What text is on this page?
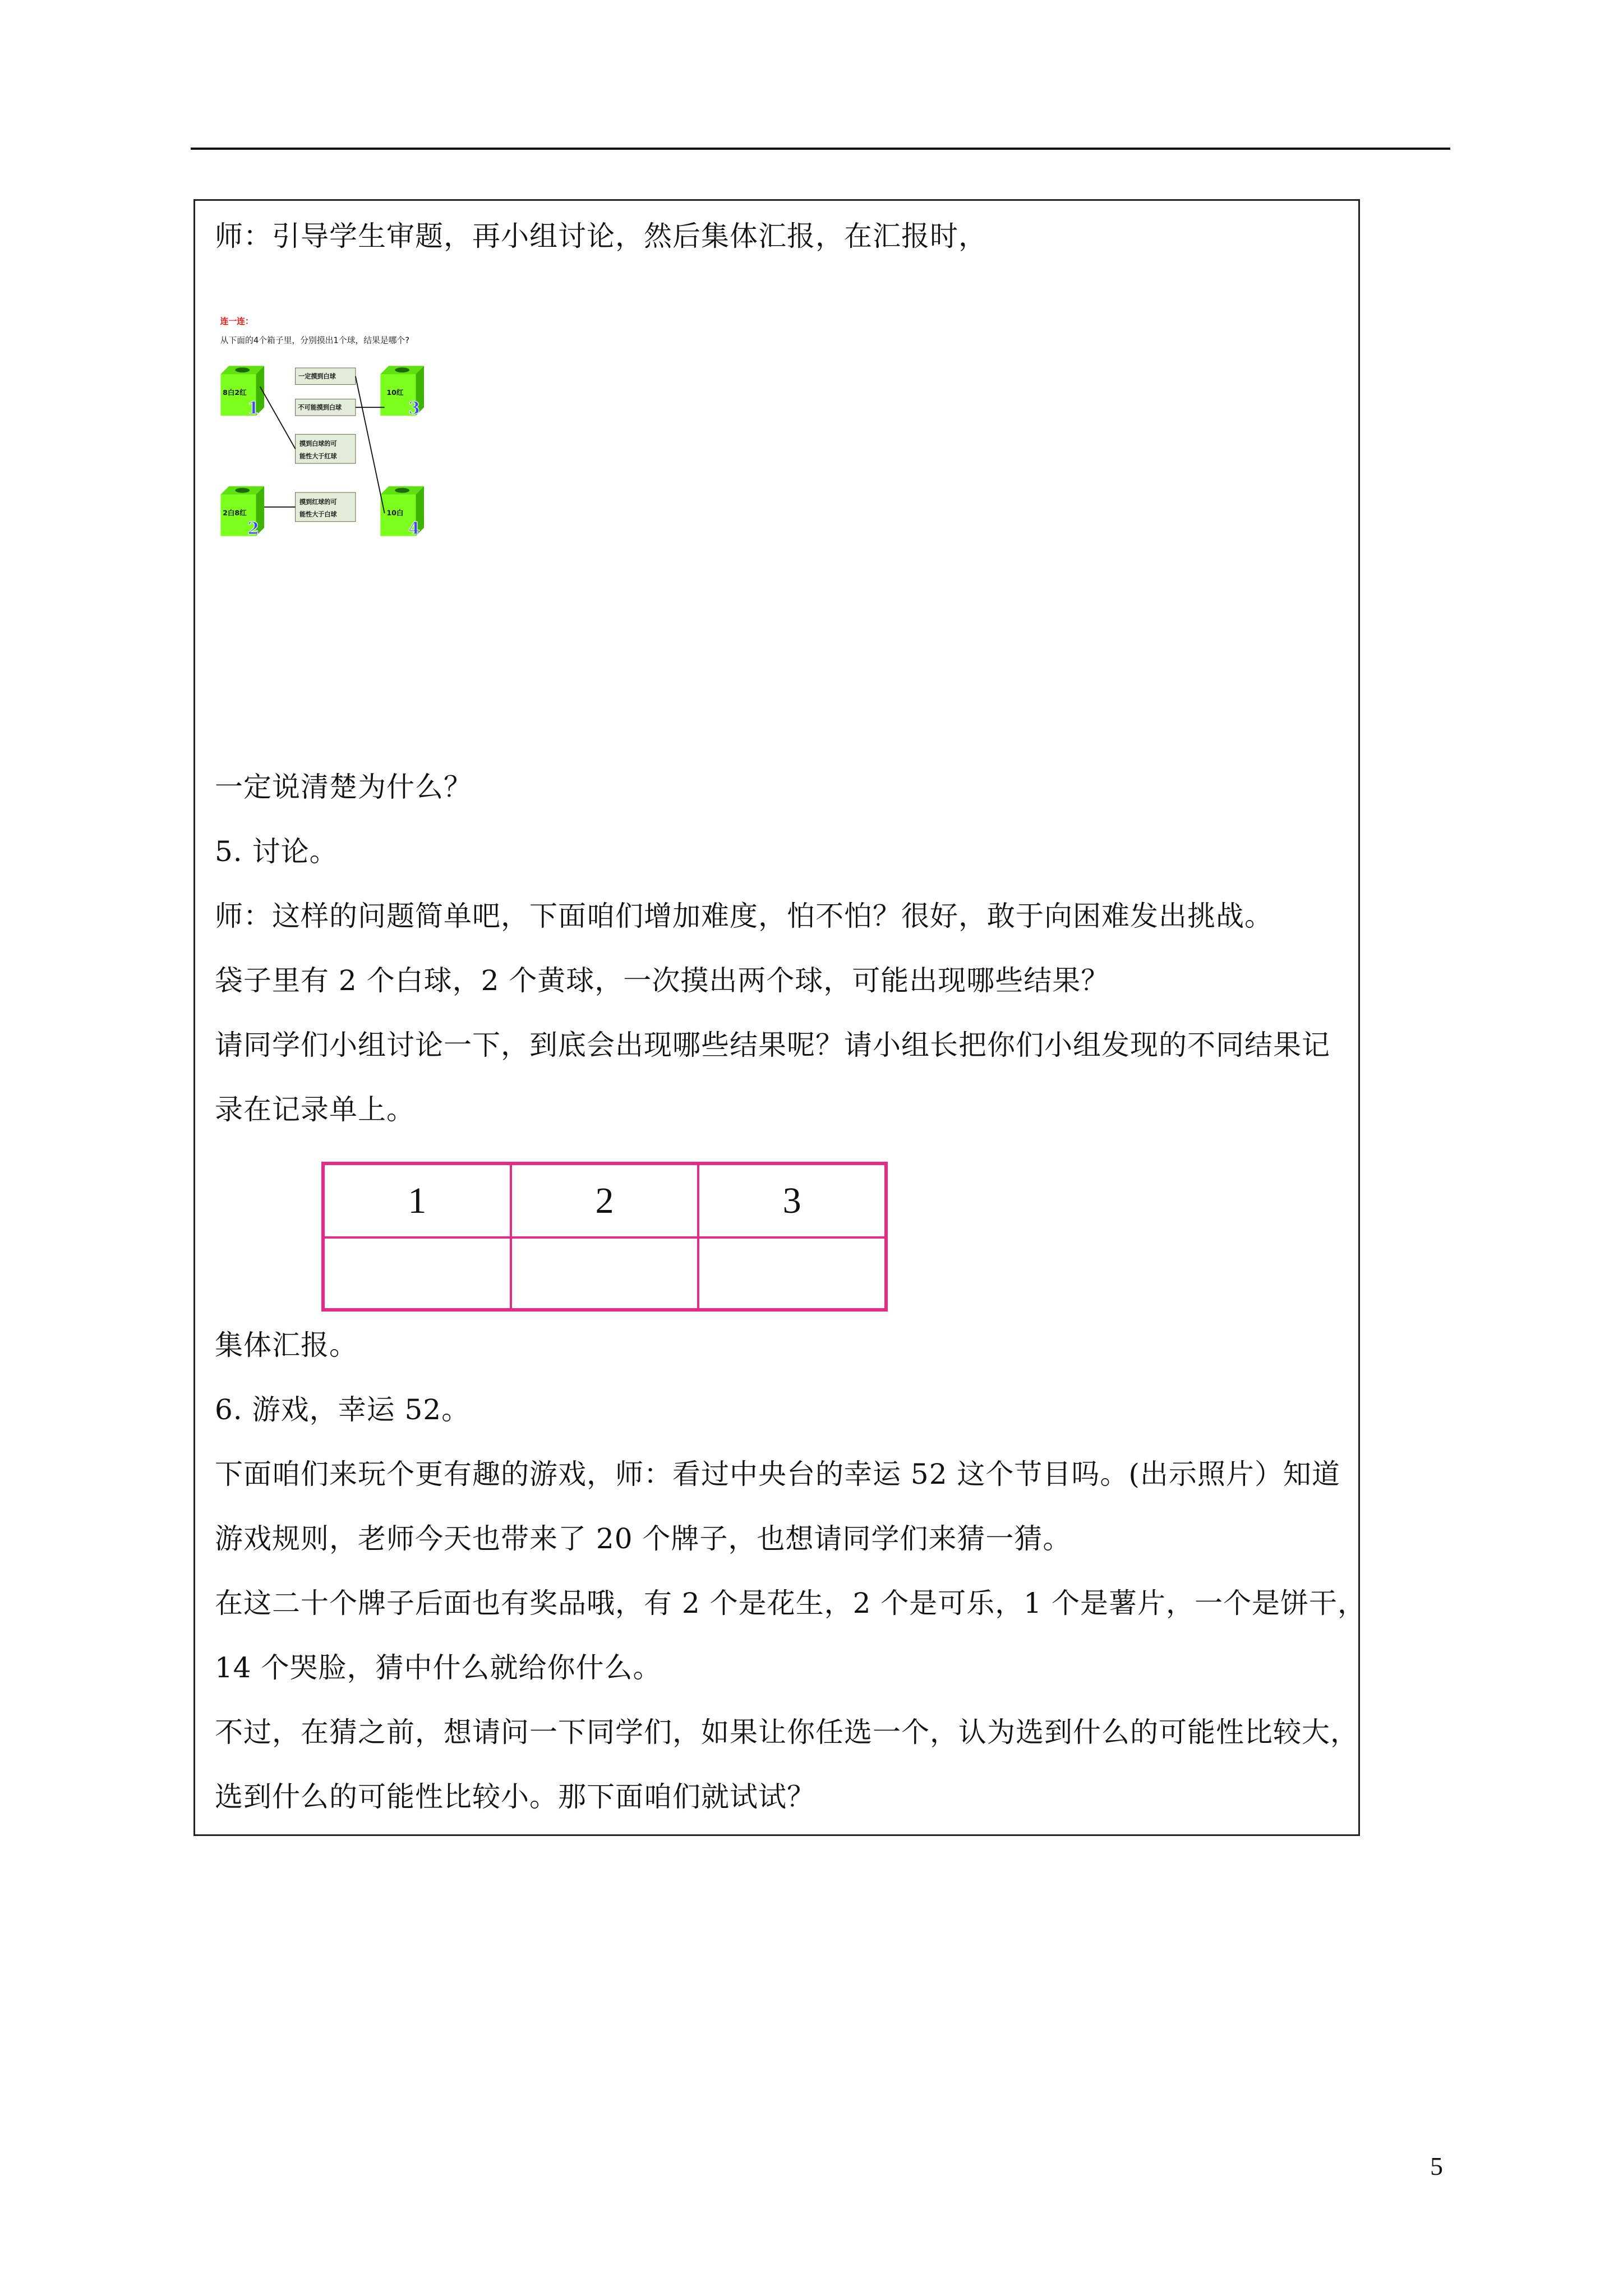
师：引导学生审题，再小组讨论，然后集体汇报，在汇报时，
连一连：
从下面的4个箱子里，分别摸出1个球，结果是哪个?
8白2红
1
2白8红
2
10红
3
10白
4
一定摸到白球
不可能摸到白球
摸到白球的可
能性大于红球
摸到红球的可
能性大于白球
一定说清楚为什么？
5. 讨论。
师：这样的问题简单吧，下面咱们增加难度，怕不怕？很好，敢于向困难发出挑战。
袋子里有 2 个白球，2 个黄球，一次摸出两个球，可能出现哪些结果？
请同学们小组讨论一下，到底会出现哪些结果呢？请小组长把你们小组发现的不同结果记
录在记录单上。
1	2	3

集体汇报。
6. 游戏，幸运 52。
下面咱们来玩个更有趣的游戏，师：看过中央台的幸运 52 这个节目吗。(出示照片）知道
游戏规则，老师今天也带来了 20 个牌子，也想请同学们来猜一猜。
在这二十个牌子后面也有奖品哦，有 2 个是花生，2 个是可乐，1 个是薯片，一个是饼干，
14 个哭脸，猜中什么就给你什么。
不过，在猜之前，想请问一下同学们，如果让你任选一个，认为选到什么的可能性比较大，
选到什么的可能性比较小。那下面咱们就试试？
5
